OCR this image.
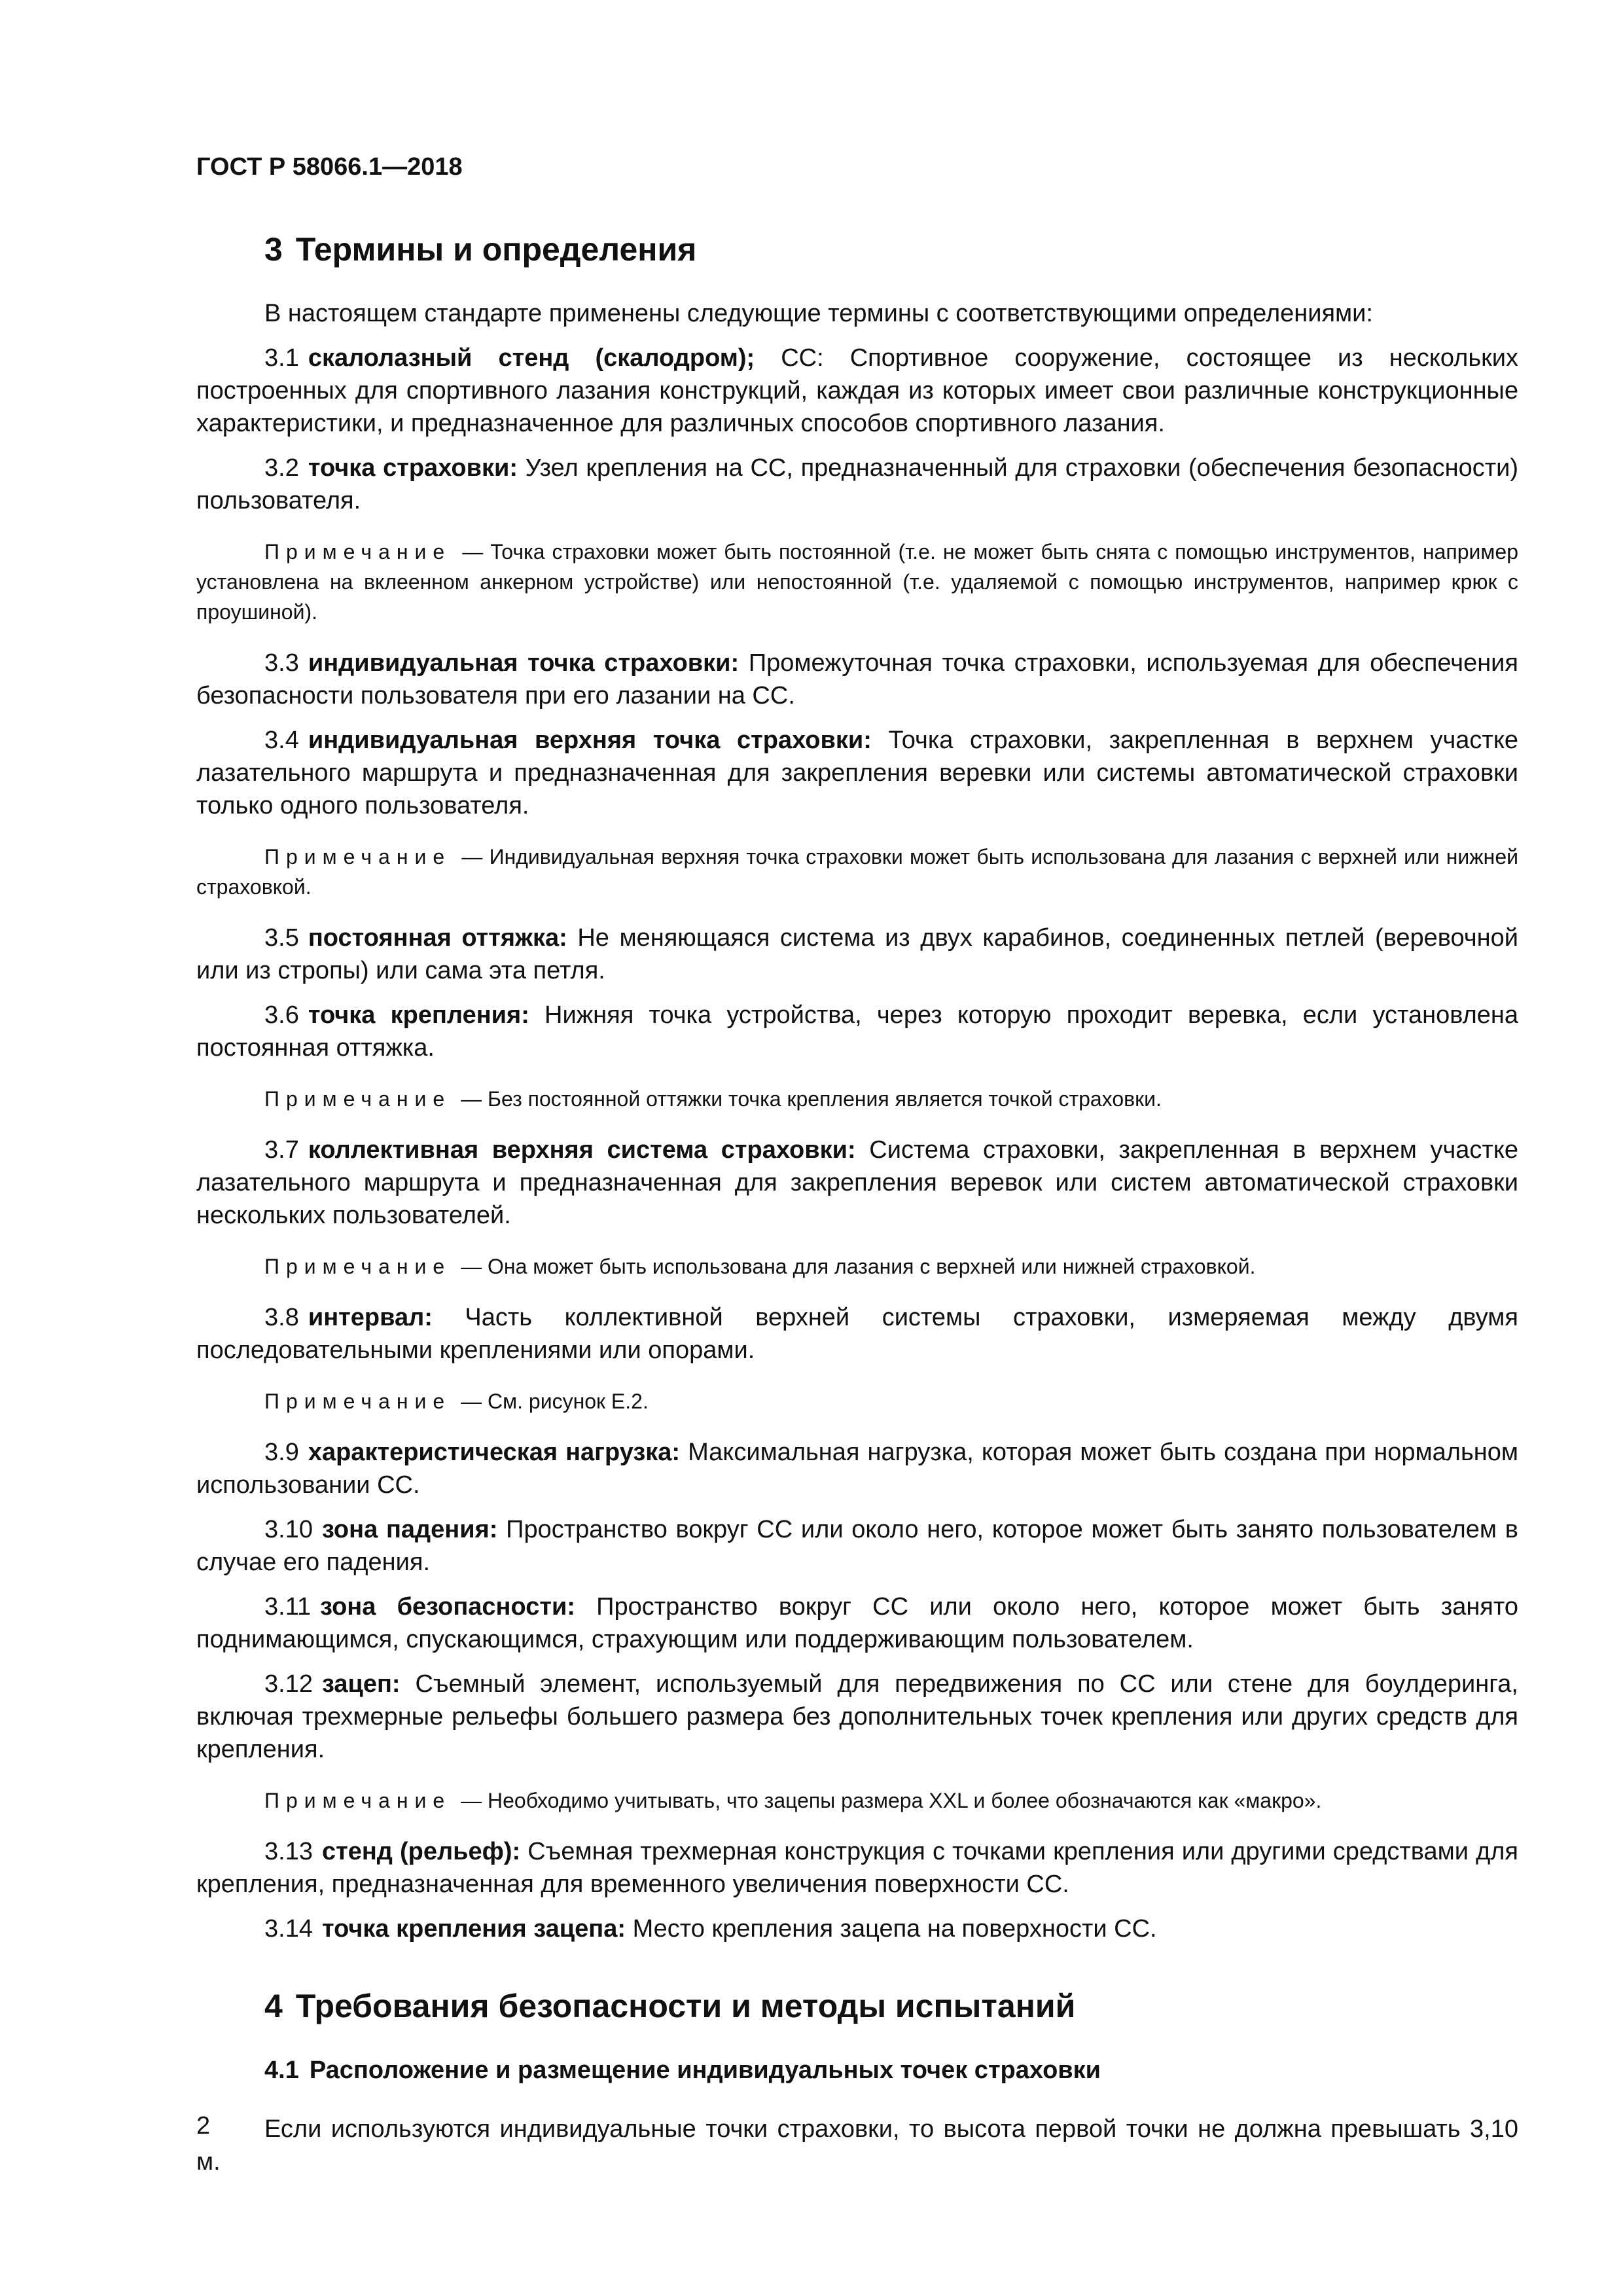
ГОСТ Р 58066.1—2018
3 Термины и определения

В настоящем стандарте применены следующие термины с соответствующими определениями:

3.1 скалолазный стенд (скалодром); СС: Спортивное сооружение, состоящее из нескольких построенных для спортивного лазания конструкций, каждая из которых имеет свои различные конструкционные характеристики, и предназначенное для различных способов спортивного лазания.

3.2 точка страховки: Узел крепления на СС, предназначенный для страховки (обеспечения безопасности) пользователя.

Примечание — Точка страховки может быть постоянной (т.е. не может быть снята с помощью инструментов, например установлена на вклеенном анкерном устройстве) или непостоянной (т.е. удаляемой с помощью инструментов, например крюк с проушиной).

3.3 индивидуальная точка страховки: Промежуточная точка страховки, используемая для обеспечения безопасности пользователя при его лазании на СС.

3.4 индивидуальная верхняя точка страховки: Точка страховки, закрепленная в верхнем участке лазательного маршрута и предназначенная для закрепления веревки или системы автоматической страховки только одного пользователя.

Примечание — Индивидуальная верхняя точка страховки может быть использована для лазания с верхней или нижней страховкой.

3.5 постоянная оттяжка: Не меняющаяся система из двух карабинов, соединенных петлей (веревочной или из стропы) или сама эта петля.

3.6 точка крепления: Нижняя точка устройства, через которую проходит веревка, если установлена постоянная оттяжка.

Примечание — Без постоянной оттяжки точка крепления является точкой страховки.

3.7 коллективная верхняя система страховки: Система страховки, закрепленная в верхнем участке лазательного маршрута и предназначенная для закрепления веревок или систем автоматической страховки нескольких пользователей.

Примечание — Она может быть использована для лазания с верхней или нижней страховкой.

3.8 интервал: Часть коллективной верхней системы страховки, измеряемая между двумя последовательными креплениями или опорами.

Примечание — См. рисунок Е.2.

3.9 характеристическая нагрузка: Максимальная нагрузка, которая может быть создана при нормальном использовании СС.

3.10 зона падения: Пространство вокруг СС или около него, которое может быть занято пользователем в случае его падения.

3.11 зона безопасности: Пространство вокруг СС или около него, которое может быть занято поднимающимся, спускающимся, страхующим или поддерживающим пользователем.

3.12 зацеп: Съемный элемент, используемый для передвижения по СС или стене для боулдеринга, включая трехмерные рельефы большего размера без дополнительных точек крепления или других средств для крепления.

Примечание — Необходимо учитывать, что зацепы размера XXL и более обозначаются как «макро».

3.13 стенд (рельеф): Съемная трехмерная конструкция с точками крепления или другими средствами для крепления, предназначенная для временного увеличения поверхности СС.

3.14 точка крепления зацепа: Место крепления зацепа на поверхности СС.

4 Требования безопасности и методы испытаний
4.1 Расположение и размещение индивидуальных точек страховки

Если используются индивидуальные точки страховки, то высота первой точки не должна превышать 3,10 м.

2
